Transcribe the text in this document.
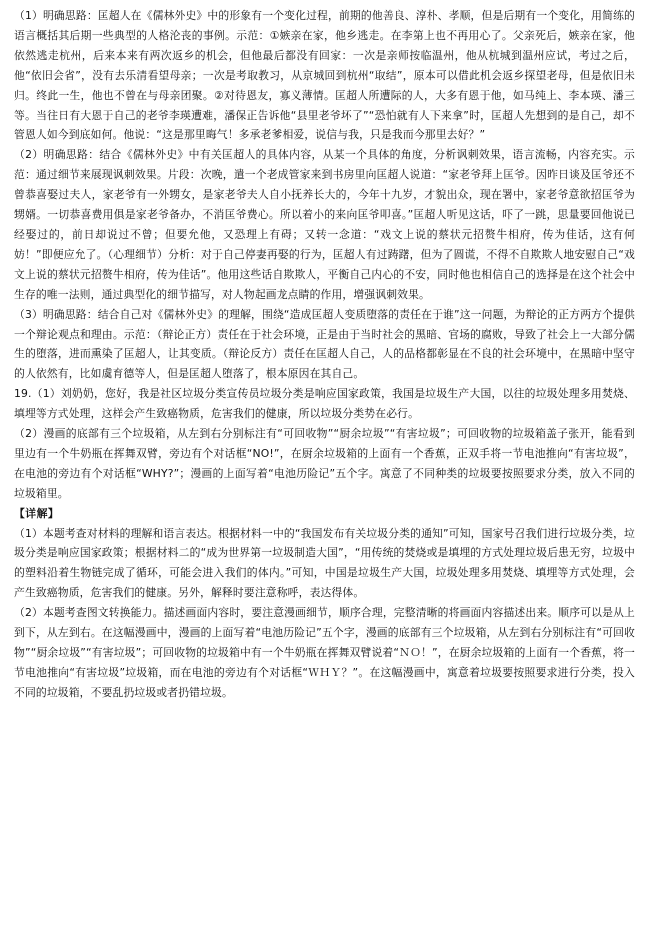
（1）明确思路：匡超人在《儒林外史》中的形象有一个变化过程，前期的他善良、淳朴、孝顺，但是后期有一个变化，用简练的语言概括其后期一些典型的人格沦丧的事例。示范：①嫉亲在家，他乡逃走。在李第上也不再用心了。父亲死后，嫉亲在家，他依然逃走杭州，后来本来有两次返乡的机会，但他最后都没有回家：一次是亲师按临温州，他从杭城到温州应试，考过之后，他“依旧会省”，没有去乐清看望母亲；一次是考取教习，从京城回到杭州“取结”，原本可以借此机会返乡探望老母，但是依旧未归。终此一生，他也不曾在与母亲团聚。②对待恩友，寡义薄情。匡超人所遭际的人，大多有恩于他，如马纯上、李本瑛、潘三等。当往日有大恩于自己的老爷李瑛遭难，潘保正告诉他“县里老爷坏了”“恐怕就有人下来拿”时，匡超人先想到的是自己，却不管恩人如今到底如何。他说：“这是那里晦气！多承老爹相爱，说信与我，只是我而今那里去好？”

（2）明确思路：结合《儒林外史》中有关匡超人的具体内容，从某一个具体的角度，分析讽刺效果，语言流畅，内容充实。示范：通过细节来展现讽刺效果。片段：次晚，遣一个老成管家来到书房里向匡超人说道：“家老爷拜上匡爷。因昨日谈及匡爷还不曾恭喜娶过夫人，家老爷有一外甥女，是家老爷夫人自小抚养长大的，今年十九岁，才貌出众，现在署中，家老爷意欲招匡爷为甥婿。一切恭喜费用俱是家老爷备办，不消匡爷费心。所以着小的来向匡爷叩喜。”匡超人听见这话，吓了一跳，思量要回他说已经娶过的，前日却说过不曾；但要允他，又恐理上有碍；又转一念道：“戏文上说的蔡状元招赘牛相府，传为佳话，这有何妨！”即便应允了。（心理细节）分析：对于自己停妻再娶的行为，匡超人有过踌躇，但为了圆谎，不得不自欺欺人地安慰自己“戏文上说的蔡状元招赘牛相府，传为佳话”。他用这些话自欺欺人，平衡自己内心的不安，同时他也相信自己的选择是在这个社会中生存的唯一法则，通过典型化的细节描写，对人物起画龙点睛的作用，增强讽刺效果。

（3）明确思路：结合自己对《儒林外史》的理解，围绕“造成匡超人变质堕落的责任在于谁”这一问题，为辩论的正方两方个提供一个辩论观点和理由。示范：（辩论正方）责任在于社会环境，正是由于当时社会的黑暗、官场的腐败，导致了社会上一大部分儒生的堕落，进而熏染了匡超人，让其变质。（辩论反方）责任在匡超人自己，人的品格都彰显在不良的社会环境中，在黑暗中坚守的人依然有，比如虞育德等人，但是匡超人堕落了，根本原因在其自己。

19.（1）刘奶奶，您好，我是社区垃圾分类宣传员垃圾分类是响应国家政策，我国是垃圾生产大国，以往的垃圾处理多用焚烧、填埋等方式处理，这样会产生致癌物质，危害我们的健康，所以垃圾分类势在必行。

（2）漫画的底部有三个垃圾箱，从左到右分别标注有“可回收物”“厨余垃圾”“有害垃圾”；可回收物的垃圾箱盖子张开，能看到里边有一个牛奶瓶在挥舞双臂，旁边有个对话框“NO!”，在厨余垃圾箱的上面有一个香蕉，正双手将一节电池推向“有害垃圾”，在电池的旁边有个对话框“WHY?”；漫画的上面写着“电池历险记”五个字。寓意了不同种类的垃圾要按照要求分类，放入不同的垃圾箱里。

【详解】

（1）本题考查对材料的理解和语言表达。根据材料一中的“我国发布有关垃圾分类的通知”可知，国家号召我们进行垃圾分类，垃圾分类是响应国家政策；根据材料二的“成为世界第一垃圾制造大国”，“用传统的焚烧或是填埋的方式处理垃圾后患无穷，垃圾中的塑料沿着生物链完成了循环，可能会进入我们的体内。”可知，中国是垃圾生产大国，垃圾处理多用焚烧、填埋等方式处理，会产生致癌物质，危害我们的健康。另外，解释时要注意称呼，表达得体。

（2）本题考查图文转换能力。描述画面内容时，要注意漫画细节，顺序合理，完整清晰的将画面内容描述出来。顺序可以是从上到下，从左到右。在这幅漫画中，漫画的上面写着“电池历险记”五个字，漫画的底部有三个垃圾箱，从左到右分别标注有“可回收物”“厨余垃圾”“有害垃圾”；可回收物的垃圾箱中有一个牛奶瓶在挥舞双臂说着“ＮＯ！”，在厨余垃圾箱的上面有一个香蕉，将一节电池推向“有害垃圾”垃圾箱，而在电池的旁边有个对话框“ＷＨＹ？”。在这幅漫画中，寓意着垃圾要按照要求进行分类，投入不同的垃圾箱，不要乱扔垃圾或者扔错垃圾。
